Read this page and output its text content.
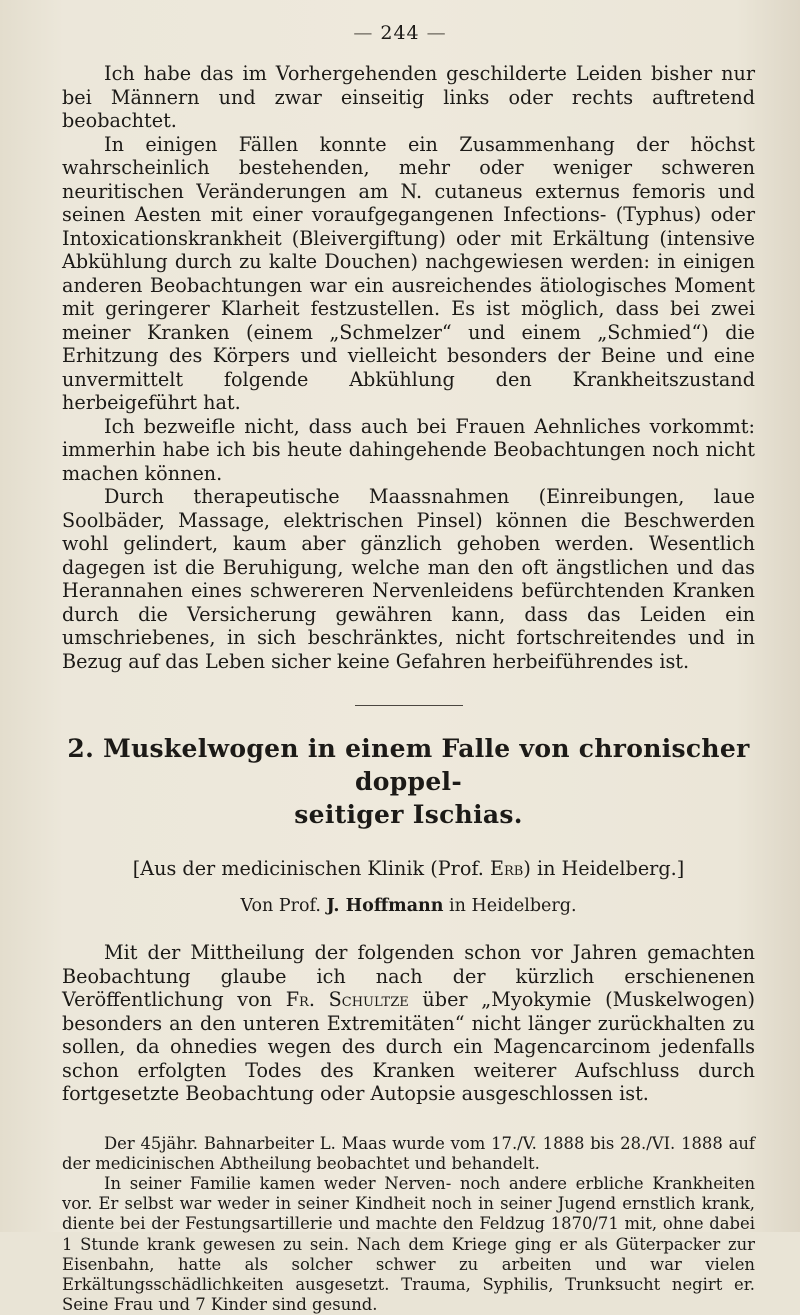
— 244 —

Ich habe das im Vorhergehenden geschilderte Leiden bisher nur bei Männern und zwar einseitig links oder rechts auftretend beobachtet.

In einigen Fällen konnte ein Zusammenhang der höchst wahrscheinlich bestehenden, mehr oder weniger schweren neuritischen Veränderungen am N. cutaneus externus femoris und seinen Aesten mit einer voraufgegangenen Infections- (Typhus) oder Intoxicationskrankheit (Bleivergiftung) oder mit Erkältung (intensive Abkühlung durch zu kalte Douchen) nachgewiesen werden: in einigen anderen Beobachtungen war ein ausreichendes ätiologisches Moment mit geringerer Klarheit festzustellen. Es ist möglich, dass bei zwei meiner Kranken (einem „Schmelzer“ und einem „Schmied“) die Erhitzung des Körpers und vielleicht besonders der Beine und eine unvermittelt folgende Abkühlung den Krankheitszustand herbeigeführt hat.

Ich bezweifle nicht, dass auch bei Frauen Aehnliches vorkommt: immerhin habe ich bis heute dahingehende Beobachtungen noch nicht machen können.

Durch therapeutische Maassnahmen (Einreibungen, laue Soolbäder, Massage, elektrischen Pinsel) können die Beschwerden wohl gelindert, kaum aber gänzlich gehoben werden. Wesentlich dagegen ist die Beruhigung, welche man den oft ängstlichen und das Herannahen eines schwereren Nervenleidens befürchtenden Kranken durch die Versicherung gewähren kann, dass das Leiden ein umschriebenes, in sich beschränktes, nicht fortschreitendes und in Bezug auf das Leben sicher keine Gefahren herbeiführendes ist.

2. Muskelwogen in einem Falle von chronischer doppel-

seitiger Ischias.

[Aus der medicinischen Klinik (Prof. Erb) in Heidelberg.]

Von Prof. J. Hoffmann in Heidelberg.

Mit der Mittheilung der folgenden schon vor Jahren gemachten Beobachtung glaube ich nach der kürzlich erschienenen Veröffentlichung von Fr. Schultze über „Myokymie (Muskelwogen) besonders an den unteren Extremitäten“ nicht länger zurückhalten zu sollen, da ohnedies wegen des durch ein Magencarcinom jedenfalls schon erfolgten Todes des Kranken weiterer Aufschluss durch fortgesetzte Beobachtung oder Autopsie ausgeschlossen ist.

Der 45jähr. Bahnarbeiter L. Maas wurde vom 17./V. 1888 bis 28./VI. 1888 auf der medicinischen Abtheilung beobachtet und behandelt.

In seiner Familie kamen weder Nerven- noch andere erbliche Krankheiten vor. Er selbst war weder in seiner Kindheit noch in seiner Jugend ernstlich krank, diente bei der Festungsartillerie und machte den Feldzug 1870/71 mit, ohne dabei 1 Stunde krank gewesen zu sein. Nach dem Kriege ging er als Güterpacker zur Eisenbahn, hatte als solcher schwer zu arbeiten und war vielen Erkältungsschädlichkeiten ausgesetzt. Trauma, Syphilis, Trunksucht negirt er. Seine Frau und 7 Kinder sind gesund.
